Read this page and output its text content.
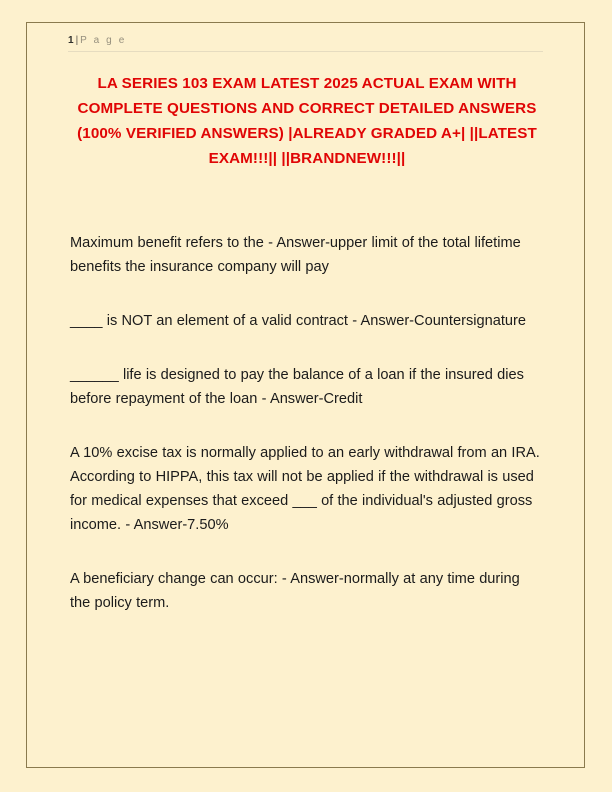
1 | P a g e
LA SERIES 103 EXAM LATEST 2025 ACTUAL EXAM WITH COMPLETE QUESTIONS AND CORRECT DETAILED ANSWERS (100% VERIFIED ANSWERS) |ALREADY GRADED A+| ||LATEST EXAM!!!|| ||BRANDNEW!!!||

Maximum benefit refers to the - Answer-upper limit of the total lifetime benefits the insurance company will pay

____ is NOT an element of a valid contract - Answer-Countersignature

______ life is designed to pay the balance of a loan if the insured dies before repayment of the loan - Answer-Credit

A 10% excise tax is normally applied to an early withdrawal from an IRA. According to HIPPA, this tax will not be applied if the withdrawal is used for medical expenses that exceed ___ of the individual's adjusted gross income. - Answer-7.50%

A beneficiary change can occur: - Answer-normally at any time during the policy term.
